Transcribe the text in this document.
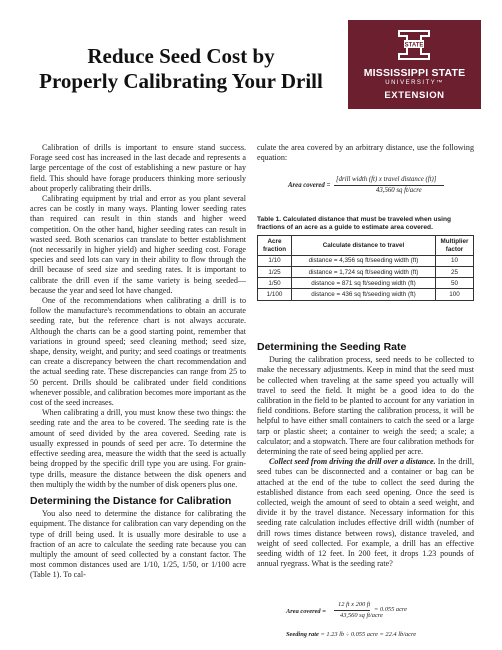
Reduce Seed Cost by
Properly Calibrating Your Drill
STATE
MISSISSIPPI STATE
UNIVERSITY™
EXTENSION

Calibration of drills is important to ensure stand success. Forage seed cost has increased in the last decade and represents a large percentage of the cost of establishing a new pasture or hay field. This should have forage producers thinking more seriously about properly calibrating their drills.

Calibrating equipment by trial and error as you plant several acres can be costly in many ways. Planting lower seeding rates than required can result in thin stands and higher weed competition. On the other hand, higher seeding rates can result in wasted seed. Both scenarios can translate to better establishment (not necessarily in higher yield) and higher seeding cost. Forage species and seed lots can vary in their ability to flow through the drill because of seed size and seeding rates. It is important to calibrate the drill even if the same variety is being seeded—because the year and seed lot have changed.

One of the recommendations when calibrating a drill is to follow the manufacture's recommendations to obtain an accurate seeding rate, but the reference chart is not always accurate. Although the charts can be a good starting point, remember that variations in ground speed; seed cleaning method; seed size, shape, density, weight, and purity; and seed coatings or treatments can create a discrepancy between the chart recommendation and the actual seeding rate. These discrepancies can range from 25 to 50 percent. Drills should be calibrated under field conditions whenever possible, and calibration becomes more important as the cost of the seed increases.

When calibrating a drill, you must know these two things: the seeding rate and the area to be covered. The seeding rate is the amount of seed divided by the area covered. Seeding rate is usually expressed in pounds of seed per acre. To determine the effective seeding area, measure the width that the seed is actually being dropped by the specific drill type you are using. For grain-type drills, measure the distance between the disk openers and then multiply the width by the number of disk openers plus one.

Determining the Distance for Calibration

You also need to determine the distance for calibrating the equipment. The distance for calibration can vary depending on the type of drill being used. It is usually more desirable to use a fraction of an acre to calculate the seeding rate because you can multiply the amount of seed collected by a constant factor. The most common distances used are 1/10, 1/25, 1/50, or 1/100 acre (Table 1). To cal-

culate the area covered by an arbitrary distance, use the following equation:

Area covered =
[drill width (ft) x travel distance (ft)]
43,560 sq ft/acre
Table 1. Calculated distance that must be traveled when using fractions of an acre as a guide to estimate area covered.
Acre fraction	Calculate distance to travel	Multiplier factor
1/10	distance = 4,356 sq ft/seeding width (ft)	10
1/25	distance = 1,724 sq ft/seeding width (ft)	25
1/50	distance = 871 sq ft/seeding width (ft)	50
1/100	distance = 436 sq ft/seeding width (ft)	100
Determining the Seeding Rate

During the calibration process, seed needs to be collected to make the necessary adjustments. Keep in mind that the seed must be collected when traveling at the same speed you actually will travel to seed the field. It might be a good idea to do the calibration in the field to be planted to account for any variation in field conditions. Before starting the calibration process, it will be helpful to have either small containers to catch the seed or a large tarp or plastic sheet; a container to weigh the seed; a scale; a calculator; and a stopwatch. There are four calibration methods for determining the rate of seed being applied per acre.

Collect seed from driving the drill over a distance. In the drill, seed tubes can be disconnected and a container or bag can be attached at the end of the tube to collect the seed during the established distance from each seed opening. Once the seed is collected, weigh the amount of seed to obtain a seed weight, and divide it by the travel distance. Necessary information for this seeding rate calculation includes effective drill width (number of drill rows times distance between rows), distance traveled, and weight of seed collected. For example, a drill has an effective seeding width of 12 feet. In 200 feet, it drops 1.23 pounds of annual ryegrass. What is the seeding rate?

Area covered =
12 ft x 200 ft
43,560 sq ft/acre
= 0.055 acre
Seeding rate = 1.23 lb ÷ 0.055 acre = 22.4 lb/acre
